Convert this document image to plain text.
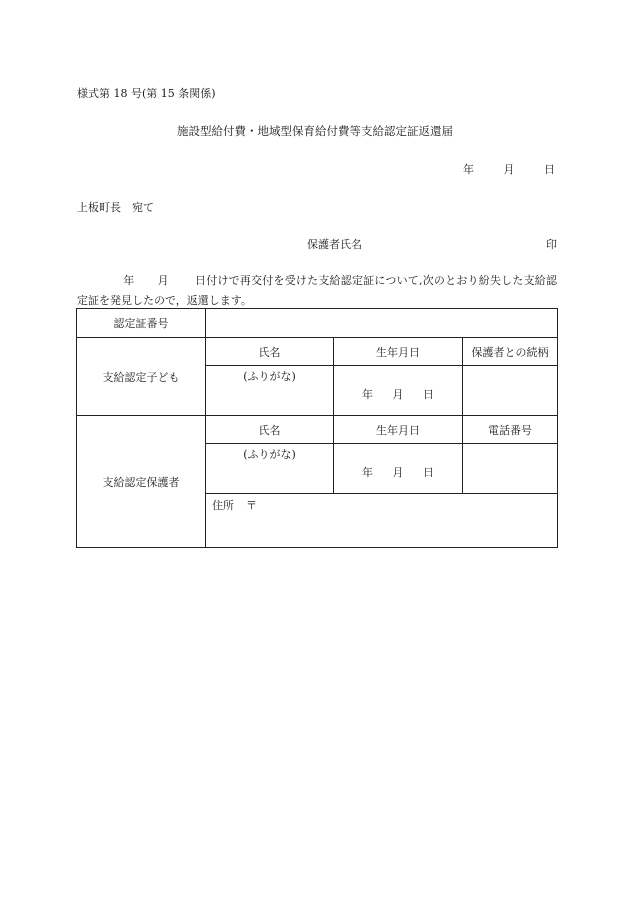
様式第 18 号(第 15 条関係)
施設型給付費・地域型保育給付費等支給認定証返還届
年	月	日
上板町長　宛て
保護者氏名	印
年 月 日付けで再交付を受けた支給認定証について,次のとおり紛失した支給認定証を発見したので，返還します。
認定証番号			
支給認定子ども	氏名	生年月日	保護者との続柄

	(ふりがな)	年 月 日	

支給認定保護者	氏名	生年月日	電話番号

	(ふりがな)	年 月 日	

	住所 〒		
